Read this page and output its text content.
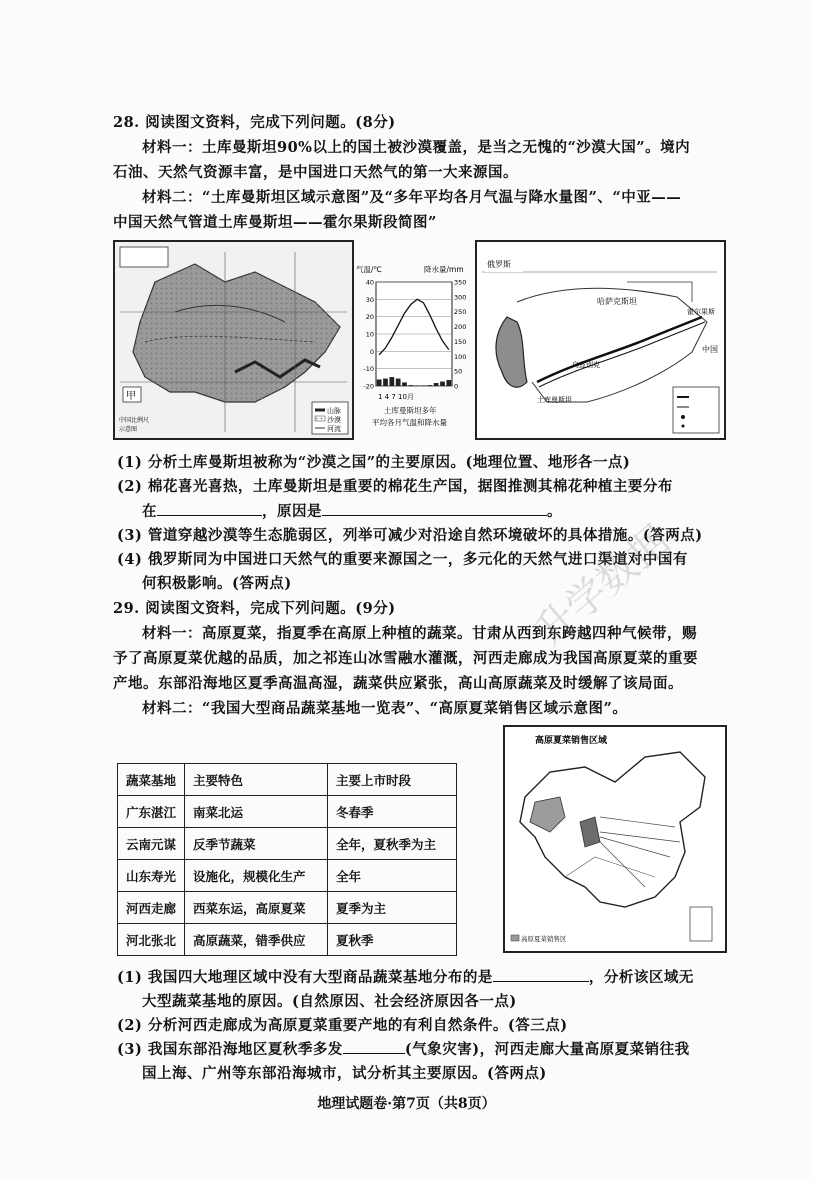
28. 阅读图文资料，完成下列问题。(8分)
材料一：土库曼斯坦90%以上的国土被沙漠覆盖，是当之无愧的“沙漠大国”。境内
石油、天然气资源丰富，是中国进口天然气的第一大来源国。
材料二：“土库曼斯坦区域示意图”及“多年平均各月气温与降水量图”、“中亚——
中国天然气管道土库曼斯坦——霍尔果斯段简图”
甲
山脉
沙漠
河流
中国比例尺
示意图
气温/℃	降水量/mm
40
30
20
10
0
-10
-20
350
300
250
200
150
100
50
0
1 4 7 10月
土库曼斯坦多年
平均各月气温和降水量
俄罗斯
哈萨克斯坦
霍尔果斯
中国
乌兹别克
土库曼斯坦
(1) 分析土库曼斯坦被称为“沙漠之国”的主要原因。(地理位置、地形各一点)
(2) 棉花喜光喜热，土库曼斯坦是重要的棉花生产国，据图推测其棉花种植主要分布
在	，原因是	。
(3) 管道穿越沙漠等生态脆弱区，列举可减少对沿途自然环境破坏的具体措施。(答两点)
(4) 俄罗斯同为中国进口天然气的重要来源国之一，多元化的天然气进口渠道对中国有
何积极影响。(答两点)
29. 阅读图文资料，完成下列问题。(9分)
材料一：高原夏菜，指夏季在高原上种植的蔬菜。甘肃从西到东跨越四种气候带，赐
予了高原夏菜优越的品质，加之祁连山冰雪融水灌溉，河西走廊成为我国高原夏菜的重要
产地。东部沿海地区夏季高温高湿，蔬菜供应紧张，高山高原蔬菜及时缓解了该局面。
材料二：“我国大型商品蔬菜基地一览表”、“高原夏菜销售区域示意图”。
蔬菜基地	主要特色	主要上市时段
广东湛江	南菜北运	冬春季
云南元谋	反季节蔬菜	全年，夏秋季为主
山东寿光	设施化，规模化生产	全年
河西走廊	西菜东运，高原夏菜	夏季为主
河北张北	高原蔬菜，错季供应	夏秋季
高原夏菜销售区域
高原夏菜销售区
(1) 我国四大地理区域中没有大型商品蔬菜基地分布的是	，分析该区域无
大型蔬菜基地的原因。(自然原因、社会经济原因各一点)
(2) 分析河西走廊成为高原夏菜重要产地的有利自然条件。(答三点)
(3) 我国东部沿海地区夏秋季多发	(气象灾害)，河西走廊大量高原夏菜销往我
国上海、广州等东部沿海城市，试分析其主要原因。(答两点)
地理试题卷·第7页（共8页）
升学数据
